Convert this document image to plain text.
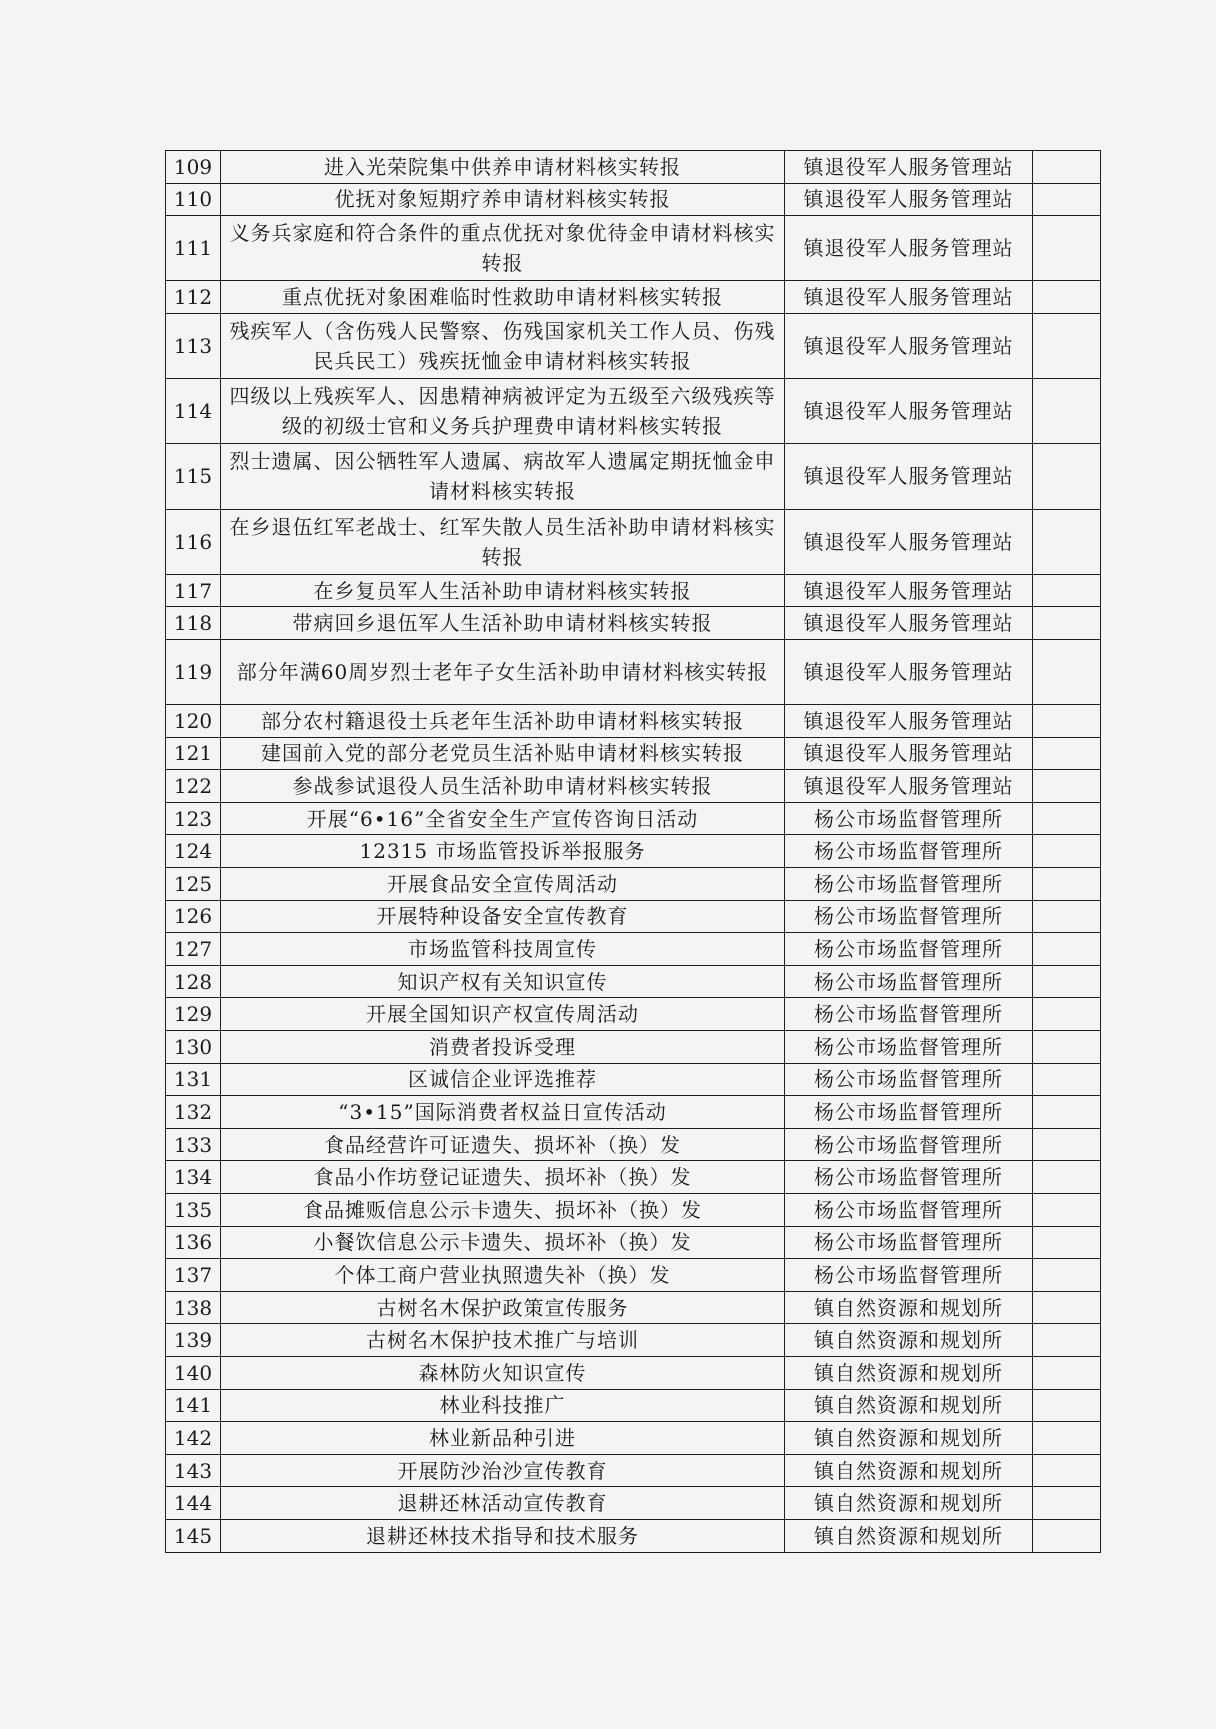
109	进入光荣院集中供养申请材料核实转报	镇退役军人服务管理站	
110	优抚对象短期疗养申请材料核实转报	镇退役军人服务管理站	
111	义务兵家庭和符合条件的重点优抚对象优待金申请材料核实转报	镇退役军人服务管理站	
112	重点优抚对象困难临时性救助申请材料核实转报	镇退役军人服务管理站	
113	残疾军人（含伤残人民警察、伤残国家机关工作人员、伤残民兵民工）残疾抚恤金申请材料核实转报	镇退役军人服务管理站	
114	四级以上残疾军人、因患精神病被评定为五级至六级残疾等级的初级士官和义务兵护理费申请材料核实转报	镇退役军人服务管理站	
115	烈士遗属、因公牺牲军人遗属、病故军人遗属定期抚恤金申请材料核实转报	镇退役军人服务管理站	
116	在乡退伍红军老战士、红军失散人员生活补助申请材料核实转报	镇退役军人服务管理站	
117	在乡复员军人生活补助申请材料核实转报	镇退役军人服务管理站	
118	带病回乡退伍军人生活补助申请材料核实转报	镇退役军人服务管理站	
119	部分年满60周岁烈士老年子女生活补助申请材料核实转报	镇退役军人服务管理站	
120	部分农村籍退役士兵老年生活补助申请材料核实转报	镇退役军人服务管理站	
121	建国前入党的部分老党员生活补贴申请材料核实转报	镇退役军人服务管理站	
122	参战参试退役人员生活补助申请材料核实转报	镇退役军人服务管理站	
123	开展“6•16”全省安全生产宣传咨询日活动	杨公市场监督管理所	
124	12315 市场监管投诉举报服务	杨公市场监督管理所	
125	开展食品安全宣传周活动	杨公市场监督管理所	
126	开展特种设备安全宣传教育	杨公市场监督管理所	
127	市场监管科技周宣传	杨公市场监督管理所	
128	知识产权有关知识宣传	杨公市场监督管理所	
129	开展全国知识产权宣传周活动	杨公市场监督管理所	
130	消费者投诉受理	杨公市场监督管理所	
131	区诚信企业评选推荐	杨公市场监督管理所	
132	“3•15”国际消费者权益日宣传活动	杨公市场监督管理所	
133	食品经营许可证遗失、损坏补（换）发	杨公市场监督管理所	
134	食品小作坊登记证遗失、损坏补（换）发	杨公市场监督管理所	
135	食品摊贩信息公示卡遗失、损坏补（换）发	杨公市场监督管理所	
136	小餐饮信息公示卡遗失、损坏补（换）发	杨公市场监督管理所	
137	个体工商户营业执照遗失补（换）发	杨公市场监督管理所	
138	古树名木保护政策宣传服务	镇自然资源和规划所	
139	古树名木保护技术推广与培训	镇自然资源和规划所	
140	森林防火知识宣传	镇自然资源和规划所	
141	林业科技推广	镇自然资源和规划所	
142	林业新品种引进	镇自然资源和规划所	
143	开展防沙治沙宣传教育	镇自然资源和规划所	
144	退耕还林活动宣传教育	镇自然资源和规划所	
145	退耕还林技术指导和技术服务	镇自然资源和规划所	
